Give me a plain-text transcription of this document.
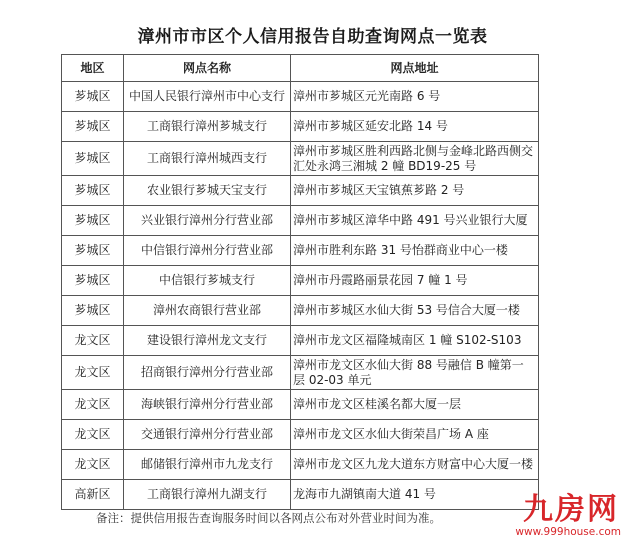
漳州市市区个人信用报告自助查询网点一览表
地区	网点名称	网点地址
芗城区	中国人民银行漳州市中心支行	漳州市芗城区元光南路 6 号
芗城区	工商银行漳州芗城支行	漳州市芗城区延安北路 14 号
芗城区	工商银行漳州城西支行	漳州市芗城区胜利西路北侧与金峰北路西侧交汇处永鸿三湘城 2 幢 BD19-25 号
芗城区	农业银行芗城天宝支行	漳州市芗城区天宝镇蕉芗路 2 号
芗城区	兴业银行漳州分行营业部	漳州市芗城区漳华中路 491 号兴业银行大厦
芗城区	中信银行漳州分行营业部	漳州市胜利东路 31 号怡群商业中心一楼
芗城区	中信银行芗城支行	漳州市丹霞路丽景花园 7 幢 1 号
芗城区	漳州农商银行营业部	漳州市芗城区水仙大街 53 号信合大厦一楼
龙文区	建设银行漳州龙文支行	漳州市龙文区福隆城南区 1 幢 S102-S103
龙文区	招商银行漳州分行营业部	漳州市龙文区水仙大街 88 号融信 B 幢第一层 02-03 单元
龙文区	海峡银行漳州分行营业部	漳州市龙文区桂溪名都大厦一层
龙文区	交通银行漳州分行营业部	漳州市龙文区水仙大街荣昌广场 A 座
龙文区	邮储银行漳州市九龙支行	漳州市龙文区九龙大道东方财富中心大厦一楼
高新区	工商银行漳州九湖支行	龙海市九湖镇南大道 41 号
备注：提供信用报告查询服务时间以各网点公布对外营业时间为准。	九房网
www.999house.com
